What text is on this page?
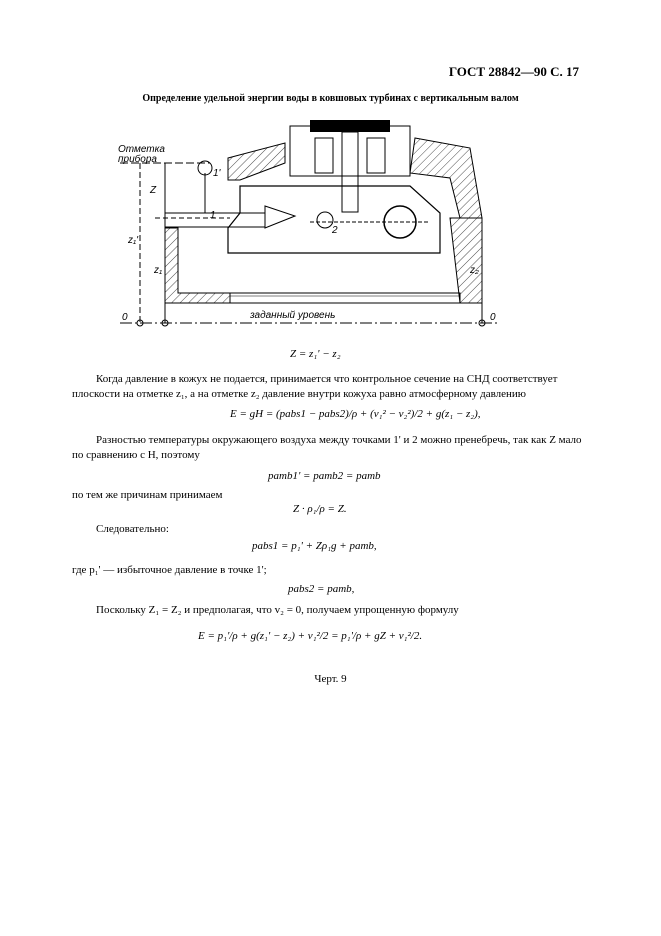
ГОСТ 28842—90 С. 17
Определение удельной энергии воды в ковшовых турбинах с вертикальным валом
Отметка
прибора
1'
1
2
Z
z₁'
z₁	z₂
0	0
заданный уровень
Z = z₁' − z₂
Когда давление в кожух не подается, принимается что контрольное сечение на СНД соответствует плоскости на отметке z₁, а на отметке z₂ давление внутри кожуха равно атмосферному давлению
E = gH = (pabs1 − pabs2)/ρ + (v₁² − v₂²)/2 + g(z₁ − z₂),
Разностью температуры окружающего воздуха между точками 1' и 2 можно пренебречь, так как Z мало по сравнению с H, поэтому
pamb1' = pamb2 = pamb
по тем же причинам принимаем
Z · ρ₁/ρ = Z.
Следовательно:
pabs1 = p₁' + Zρ₁g + pamb,
где p₁' — избыточное давление в точке 1';
pabs2 = pamb,
Поскольку Z₁ = Z₂ и предполагая, что v₂ = 0, получаем упрощенную формулу
E = p₁'/ρ + g(z₁' − z₂) + v₁²/2 = p₁'/ρ + gZ + v₁²/2.
Черт. 9
